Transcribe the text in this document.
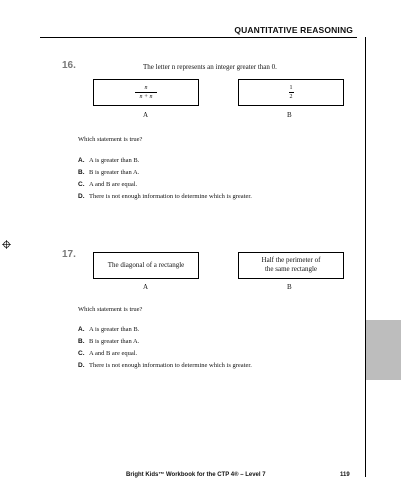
QUANTITATIVE REASONING
16.	The letter n represents an integer greater than 0.
n
n + n
1
2
A	B
Which statement is true?
A. A is greater than B.
B. B is greater than A.
C. A and B are equal.
D. There is not enough information to determine which is greater.
17.
The diagonal of a rectangle
Half the perimeter of
the same rectangle
A	B
Which statement is true?
A. A is greater than B.
B. B is greater than A.
C. A and B are equal.
D. There is not enough information to determine which is greater.
Bright Kids™ Workbook for the CTP 4® – Level 7	119
